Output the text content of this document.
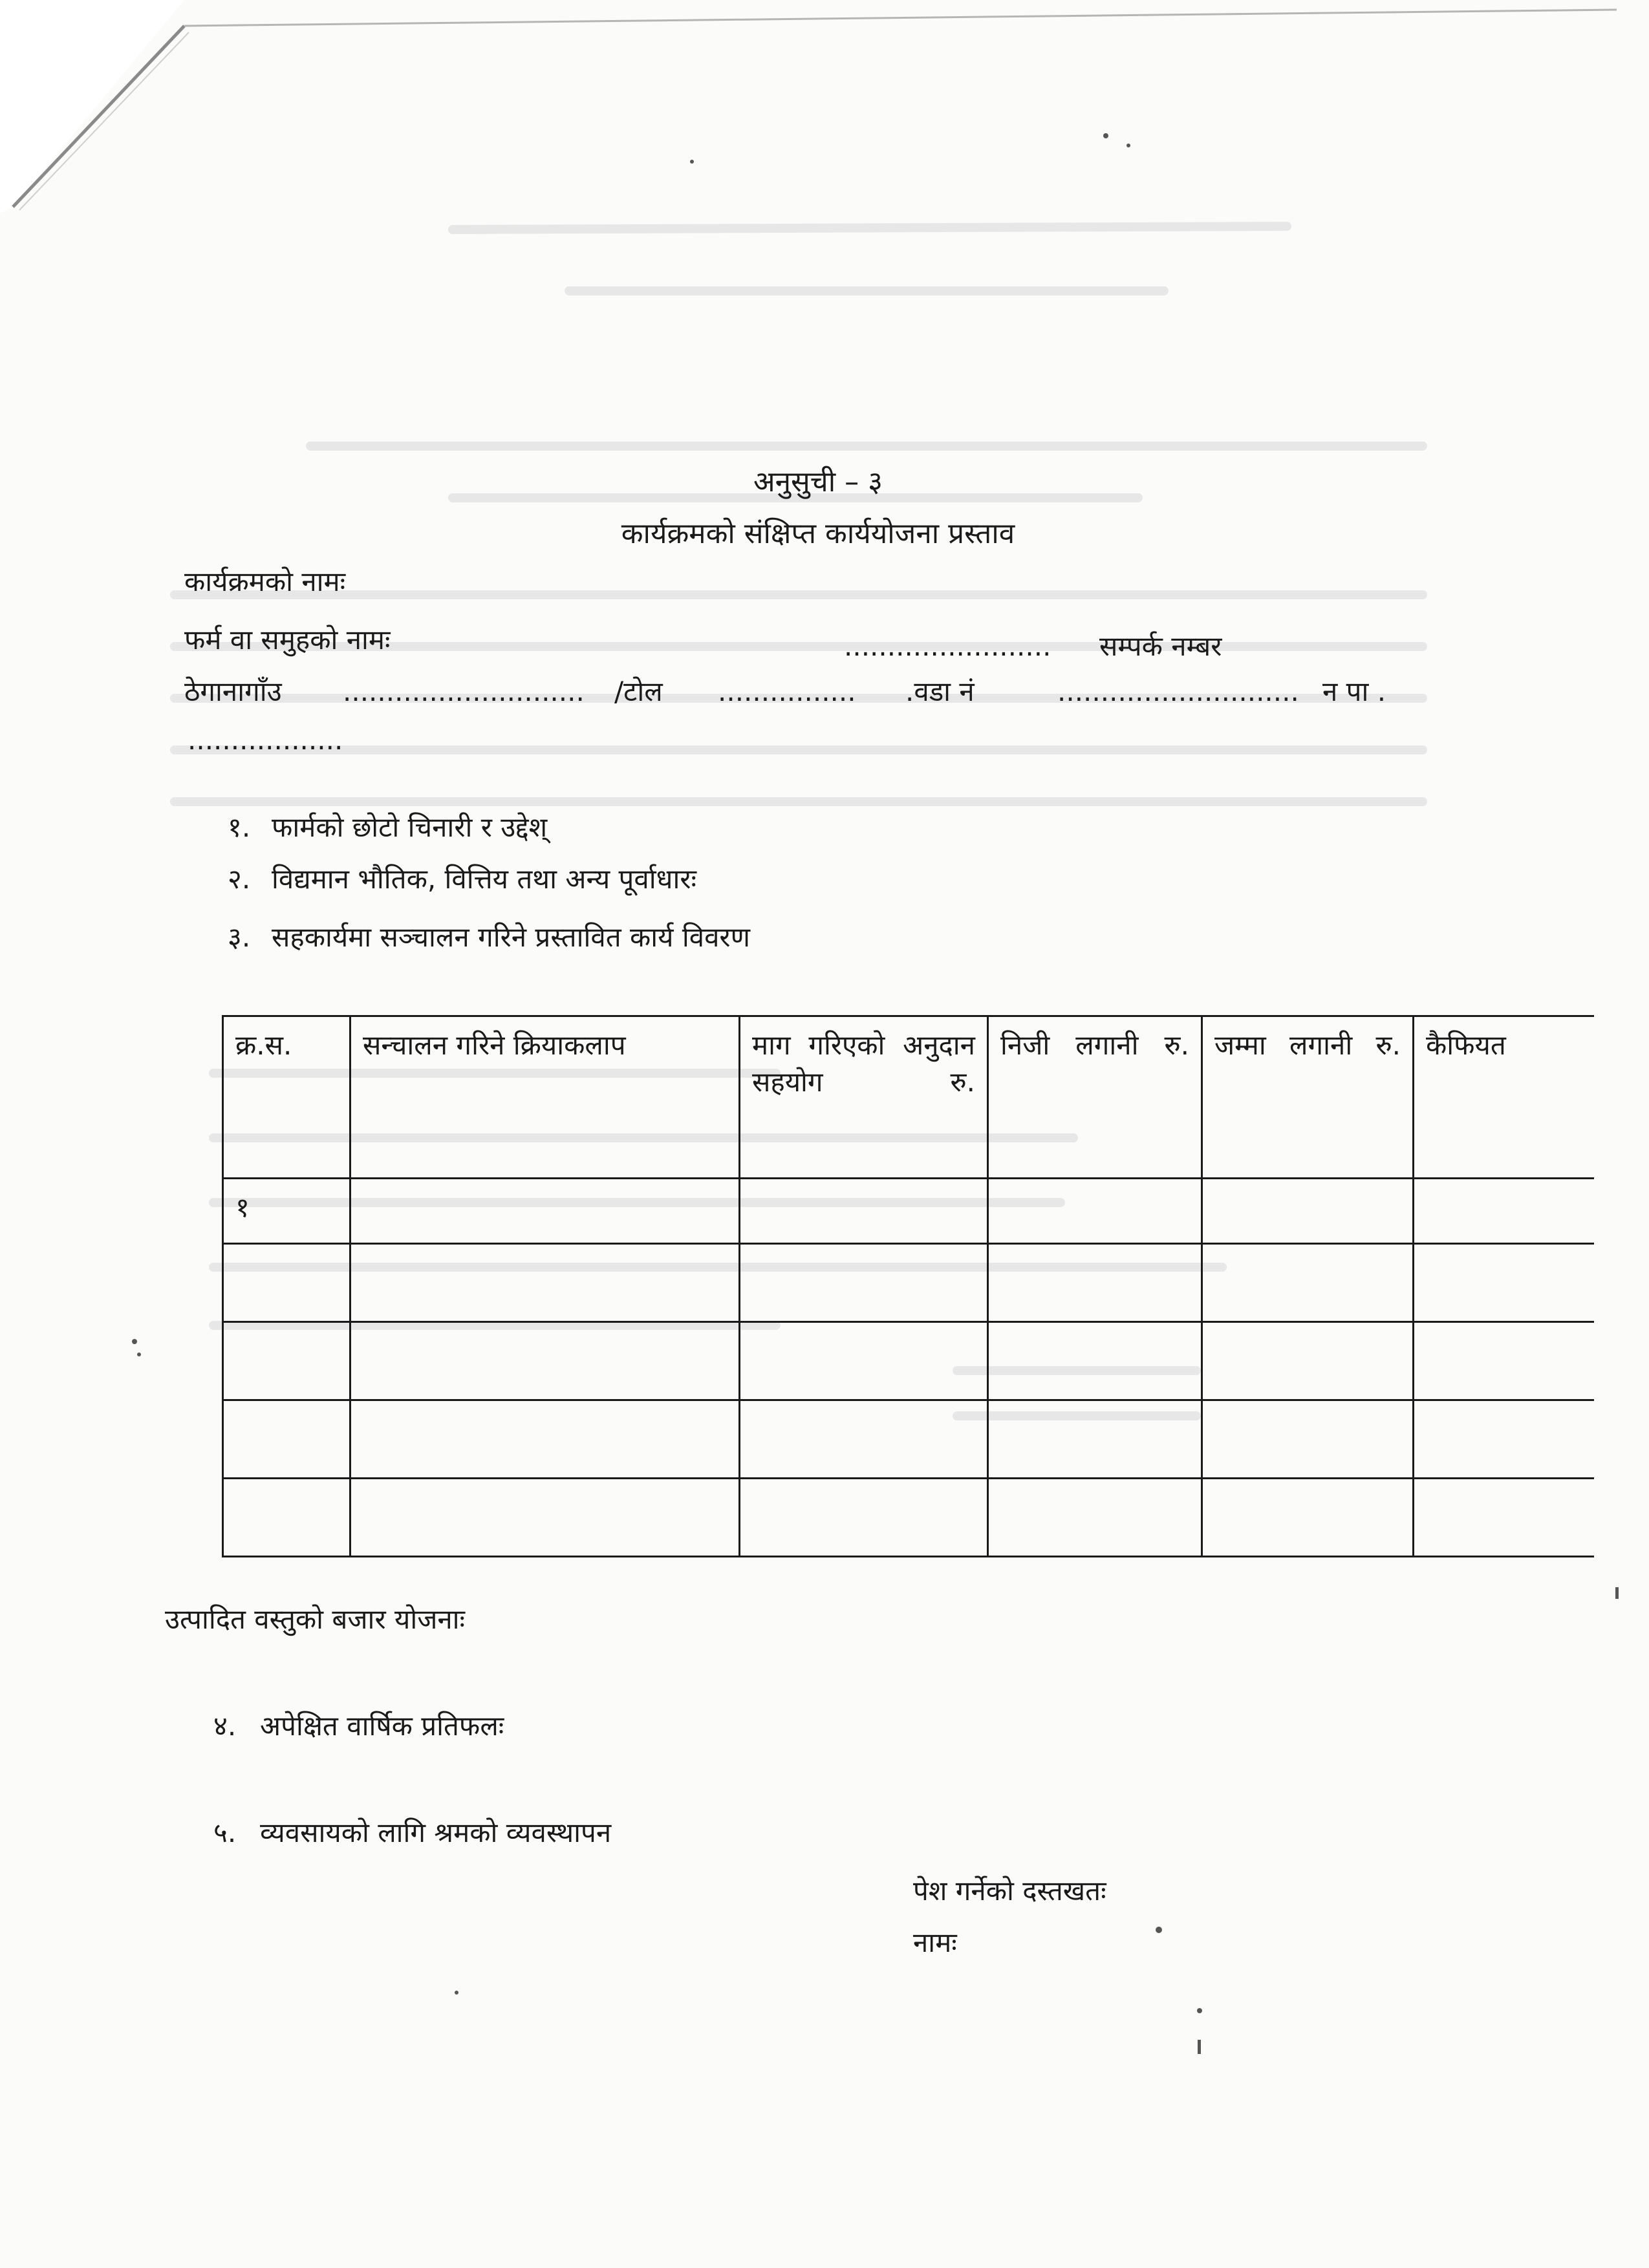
अनुसुची – ३
कार्यक्रमको संक्षिप्त कार्ययोजना प्रस्ताव
कार्यक्रमको नामः
फर्म वा समुहको नामः	........................ सम्पर्क नम्बर
ठेगानागाँउ ............................ /टोल ................ .वडा नं	............................ न पा .
..................
१. फार्मको छोटो चिनारी र उद्देश्
२. विद्यमान भौतिक, वित्तिय तथा अन्य पूर्वाधारः
३. सहकार्यमा सञ्चालन गरिने प्रस्तावित कार्य विवरण
क्र.स.	सन्चालन गरिने क्रियाकलाप	माग गरिएको अनुदान सहयोग रु.	निजी लगानी रु.	जम्मा लगानी रु.	कैफियत
१					

उत्पादित वस्तुको बजार योजनाः
४. अपेक्षित वार्षिक प्रतिफलः
५. व्यवसायको लागि श्रमको व्यवस्थापन
पेश गर्नेको दस्तखतः
नामः
